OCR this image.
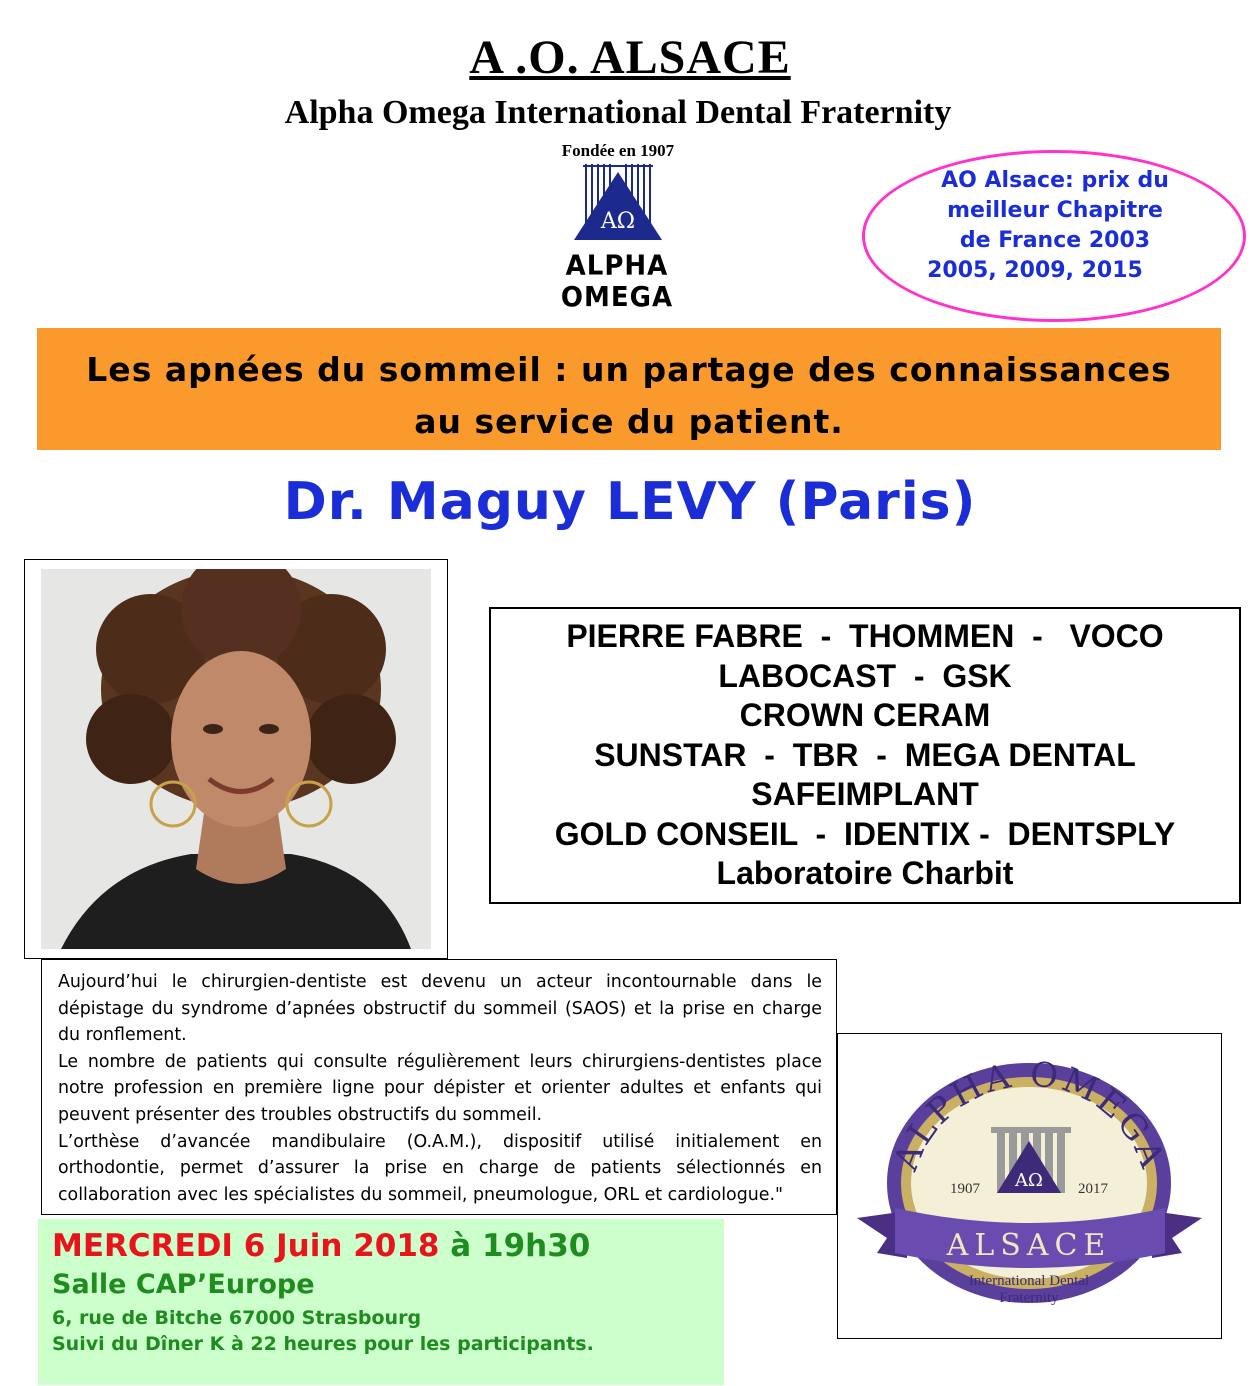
A .O. ALSACE
Alpha Omega International Dental Fraternity
Fondée en 1907
AΩ
ALPHA OMEGA
AO Alsace: prix du
meilleur Chapitre
de France 2003
2005, 2009, 2015
Les apnées du sommeil : un partage des connaissances
au service du patient.
Dr. Maguy LEVY (Paris)
PIERRE FABRE  -  THOMMEN  -   VOCO
LABOCAST  -  GSK
CROWN CERAM
SUNSTAR  -  TBR  -  MEGA DENTAL
SAFEIMPLANT
GOLD CONSEIL  -  IDENTIX -  DENTSPLY
Laboratoire Charbit

Aujourd’hui le chirurgien-dentiste est devenu un acteur incontournable dans le dépistage du syndrome d’apnées obstructif du sommeil (SAOS) et la prise en charge du ronflement.

Le nombre de patients qui consulte régulièrement leurs chirurgiens-dentistes place notre profession en première ligne pour dépister et orienter adultes et enfants qui peuvent présenter des troubles obstructifs du sommeil.

L’orthèse d’avancée mandibulaire (O.A.M.), dispositif utilisé initialement en orthodontie, permet d’assurer la prise en charge de patients sélectionnés en collaboration avec les spécialistes du sommeil, pneumologue, ORL et cardiologue."

ALPHA OMEGA
AΩ
1907	2017
ALSACE
International Dental
Fraternity
MERCREDI 6 Juin 2018 à 19h30
Salle CAP’Europe
6, rue de Bitche 67000 Strasbourg
Suivi du Dîner K à 22 heures pour les participants.
